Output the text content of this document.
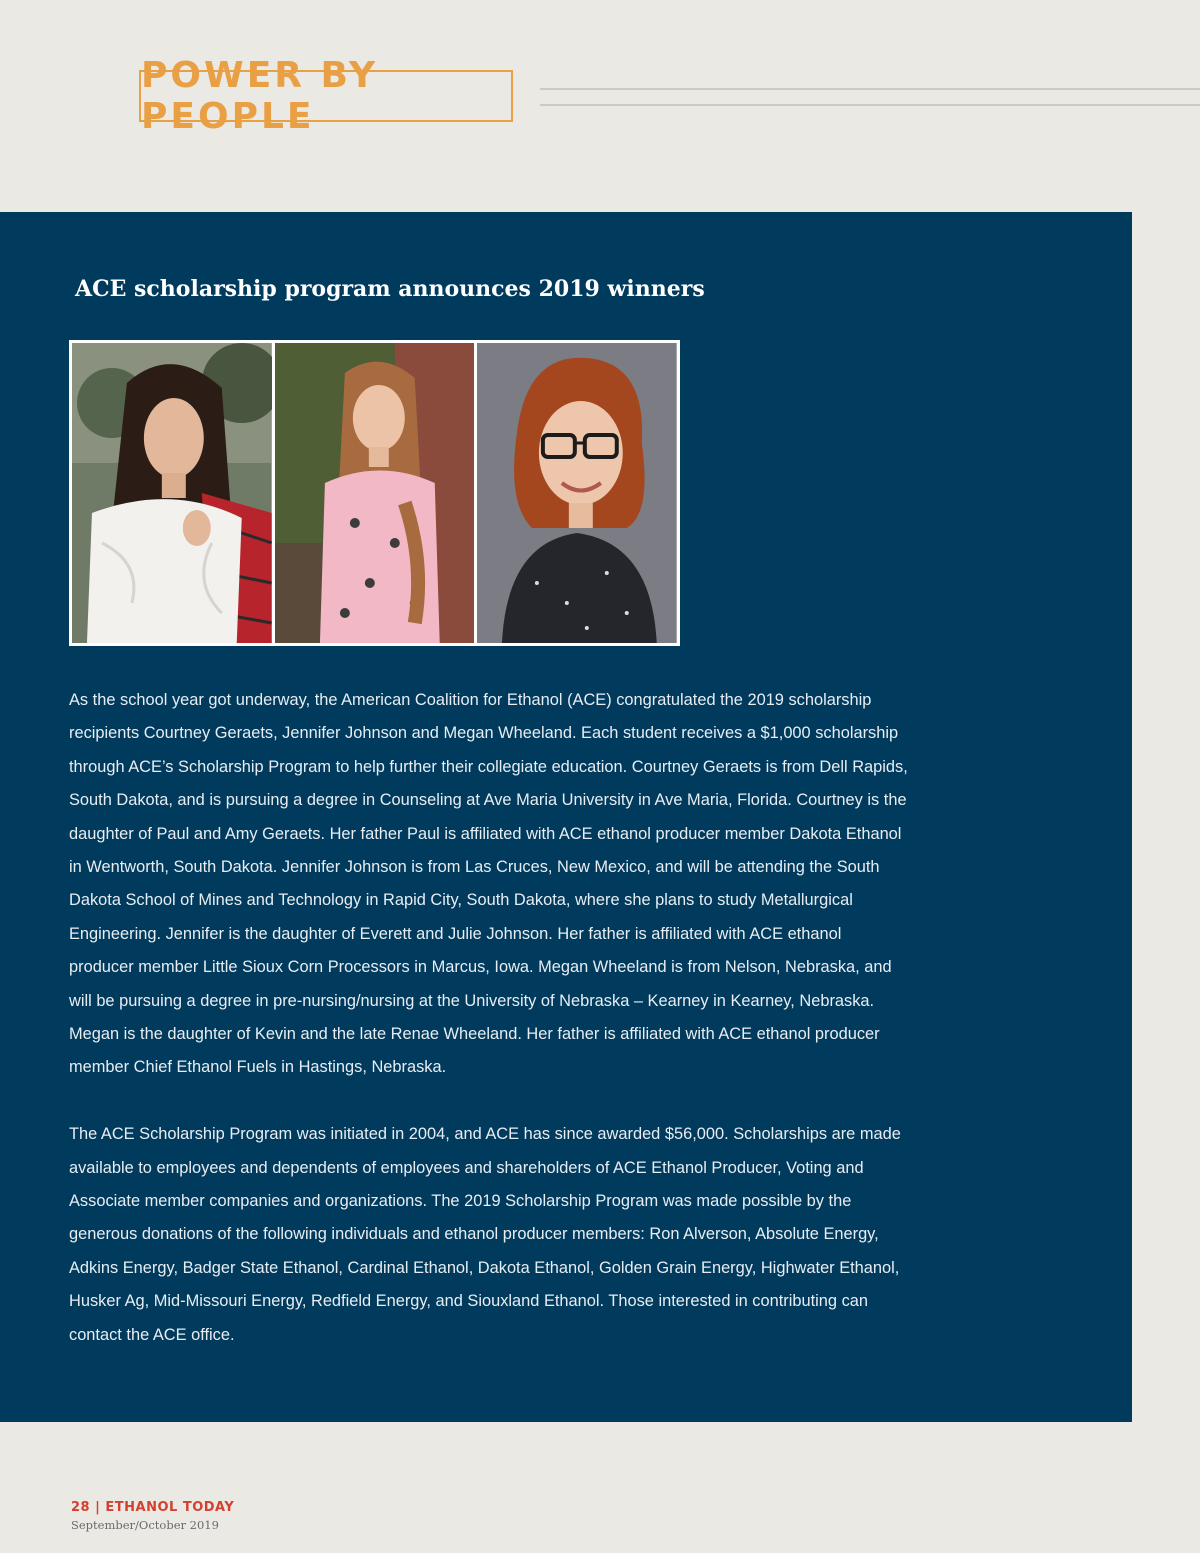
POWER BY PEOPLE
ACE scholarship program announces 2019 winners

As the school year got underway, the American Coalition for Ethanol (ACE) congratulated the 2019 scholarship recipients Courtney Geraets, Jennifer Johnson and Megan Wheeland. Each student receives a $1,000 scholarship through ACE’s Scholarship Program to help further their collegiate education. Courtney Geraets is from Dell Rapids, South Dakota, and is pursuing a degree in Counseling at Ave Maria University in Ave Maria, Florida. Courtney is the daughter of Paul and Amy Geraets. Her father Paul is affiliated with ACE ethanol producer member Dakota Ethanol in Wentworth, South Dakota. Jennifer Johnson is from Las Cruces, New Mexico, and will be attending the South Dakota School of Mines and Technology in Rapid City, South Dakota, where she plans to study Metallurgical Engineering. Jennifer is the daughter of Everett and Julie Johnson. Her father is affiliated with ACE ethanol producer member Little Sioux Corn Processors in Marcus, Iowa. Megan Wheeland is from Nelson, Nebraska, and will be pursuing a degree in pre-nursing/nursing at the University of Nebraska – Kearney in Kearney, Nebraska. Megan is the daughter of Kevin and the late Renae Wheeland. Her father is affiliated with ACE ethanol producer member Chief Ethanol Fuels in Hastings, Nebraska.

The ACE Scholarship Program was initiated in 2004, and ACE has since awarded $56,000. Scholarships are made available to employees and dependents of employees and shareholders of ACE Ethanol Producer, Voting and Associate member companies and organizations. The 2019 Scholarship Program was made possible by the generous donations of the following individuals and ethanol producer members: Ron Alverson, Absolute Energy, Adkins Energy, Badger State Ethanol, Cardinal Ethanol, Dakota Ethanol, Golden Grain Energy, Highwater Ethanol, Husker Ag, Mid-Missouri Energy, Redfield Energy, and Siouxland Ethanol. Those interested in contributing can contact the ACE office.

28 | ETHANOL TODAY
September/October 2019
